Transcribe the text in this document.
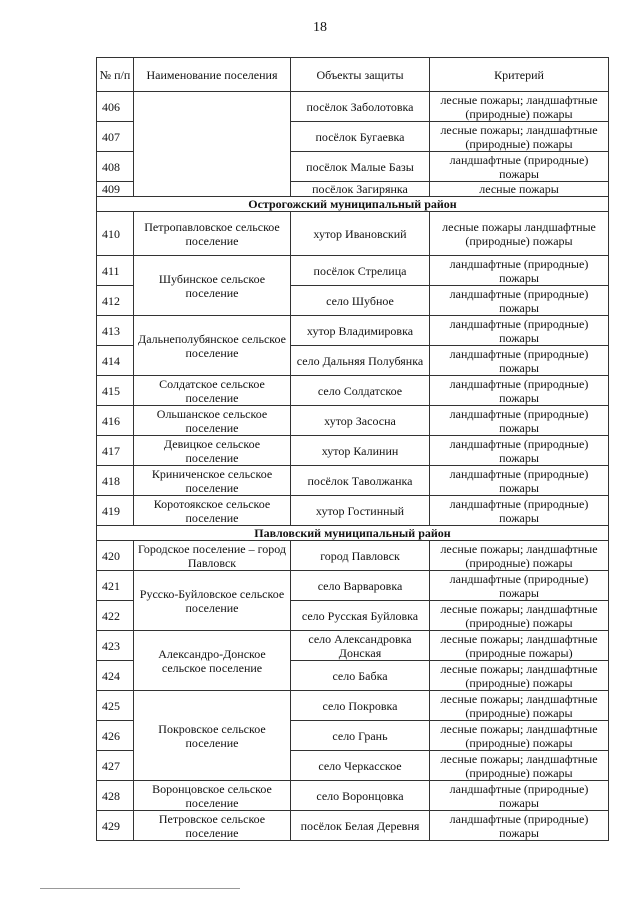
18
№ п/п	Наименование поселения	Объекты защиты	Критерий
406		посёлок Заболотовка	лесные пожары; ландшафтные (природные) пожары
407		посёлок Бугаевка	лесные пожары; ландшафтные (природные) пожары
408		посёлок Малые Базы	ландшафтные (природные) пожары
409		посёлок Загирянка	лесные пожары
Острогожский муниципальный район			
410	Петропавловское сельское поселение	хутор Ивановский	лесные пожары ландшафтные (природные) пожары
411	Шубинское сельское поселение	посёлок Стрелица	ландшафтные (природные) пожары
412		село Шубное	ландшафтные (природные) пожары
413	Дальнеполубянское сельское поселение	хутор Владимировка	ландшафтные (природные) пожары
414		село Дальняя Полубянка	ландшафтные (природные) пожары
415	Солдатское сельское поселение	село Солдатское	ландшафтные (природные) пожары
416	Ольшанское сельское поселение	хутор Засосна	ландшафтные (природные) пожары
417	Девицкое сельское поселение	хутор Калинин	ландшафтные (природные) пожары
418	Криниченское сельское поселение	посёлок Таволжанка	ландшафтные (природные) пожары
419	Коротоякское сельское поселение	хутор Гостинный	ландшафтные (природные) пожары
Павловский муниципальный район			
420	Городское поселение – город Павловск	город Павловск	лесные пожары; ландшафтные (природные) пожары
421	Русско-Буйловское сельское поселение	село Варваровка	ландшафтные (природные) пожары
422		село Русская Буйловка	лесные пожары; ландшафтные (природные) пожары
423	Александро-Донское сельское поселение	село Александровка Донская	лесные пожары; ландшафтные (природные пожары)
424		село Бабка	лесные пожары; ландшафтные (природные) пожары
425	Покровское сельское поселение	село Покровка	лесные пожары; ландшафтные (природные) пожары
426		село Грань	лесные пожары; ландшафтные (природные) пожары
427		село Черкасское	лесные пожары; ландшафтные (природные) пожары
428	Воронцовское сельское поселение	село Воронцовка	ландшафтные (природные) пожары
429	Петровское сельское поселение	посёлок Белая Деревня	ландшафтные (природные) пожары
